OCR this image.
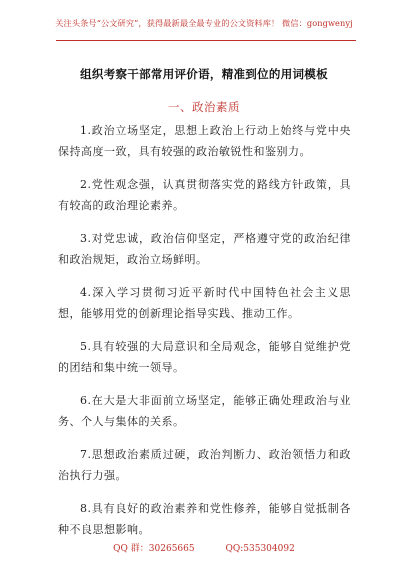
关注头条号“公文研究”，获得最新最全最专业的公文资料库！ 微信：gongwenyj
组织考察干部常用评价语，精准到位的用词模板
一、政治素质

1.政治立场坚定，思想上政治上行动上始终与党中央保持高度一致，具有较强的政治敏锐性和鉴别力。

2.党性观念强，认真贯彻落实党的路线方针政策，具有较高的政治理论素养。

3.对党忠诚，政治信仰坚定，严格遵守党的政治纪律和政治规矩，政治立场鲜明。

4.深入学习贯彻习近平新时代中国特色社会主义思想，能够用党的创新理论指导实践、推动工作。

5.具有较强的大局意识和全局观念，能够自觉维护党的团结和集中统一领导。

6.在大是大非面前立场坚定，能够正确处理政治与业务、个人与集体的关系。

7.思想政治素质过硬，政治判断力、政治领悟力和政治执行力强。

8.具有良好的政治素养和党性修养，能够自觉抵制各种不良思想影响。

QQ 群：30265665	QQ:535304092
